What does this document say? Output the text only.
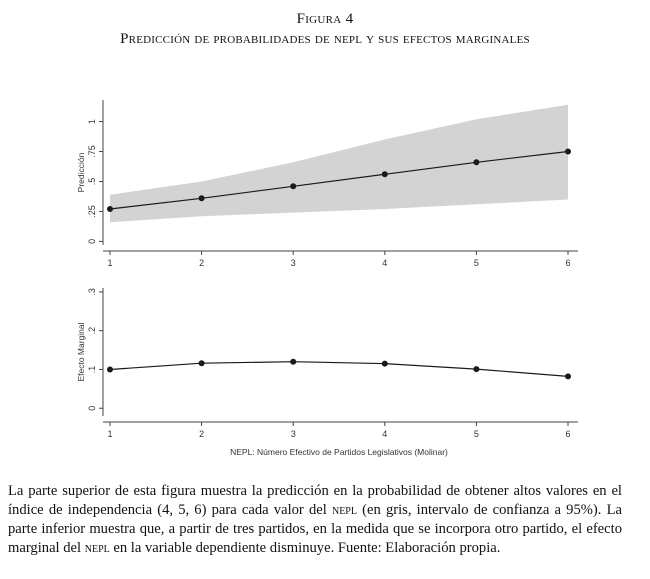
Figura 4
Predicción de probabilidades de nepl y sus efectos marginales
0
.25
.5
.75
1
1	2	3	4	5	6
Predicción
0
.1
.2
.3
1	2	3	4	5	6
Efecto Marginal
NEPL: Número Efectivo de Partidos Legislativos (Molinar)
La parte superior de esta figura muestra la predicción en la probabilidad de obtener altos valores en el índice de independencia (4, 5, 6) para cada valor del nepl (en gris, intervalo de confianza a 95%). La parte inferior muestra que, a partir de tres partidos, en la medida que se incorpora otro partido, el efecto marginal del nepl en la variable dependiente disminuye. Fuente: Elaboración propia.
